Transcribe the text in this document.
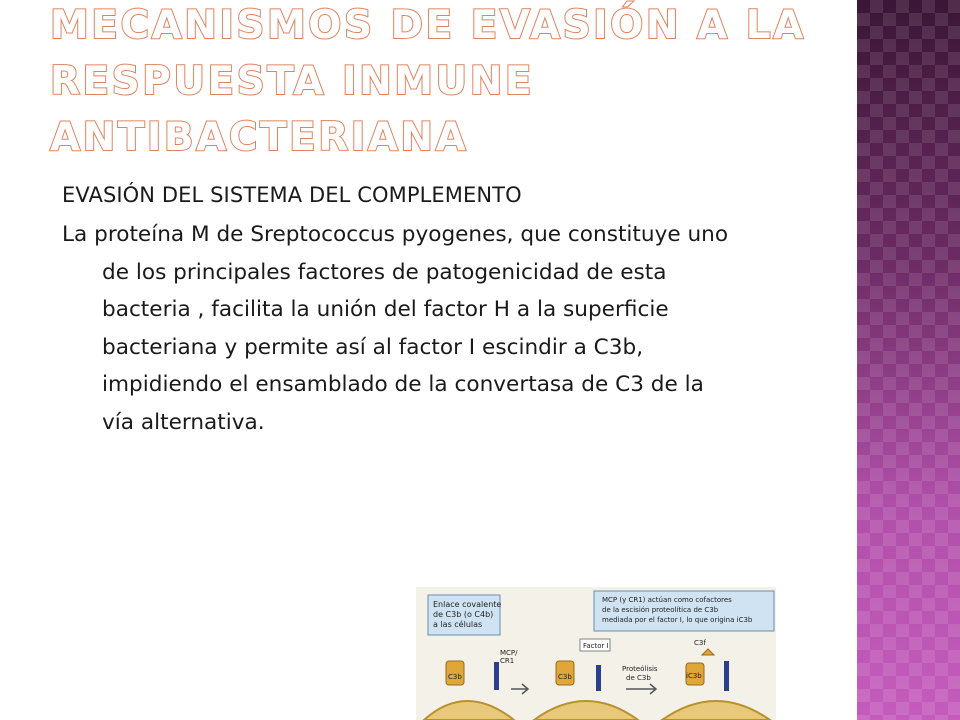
MECANISMOS DE EVASIÓN A LA RESPUESTA INMUNE ANTIBACTERIANA

EVASIÓN DEL SISTEMA DEL COMPLEMENTO

La proteína M de Sreptococcus pyogenes, que constituye uno de los principales factores de patogenicidad de esta bacteria , facilita la unión del factor H a la superficie bacteriana y permite así al factor I escindir a C3b, impidiendo el ensamblado de la convertasa de C3 de la vía alternativa.

Enlace covalente
de C3b (o C4b)
a las células
MCP (y CR1) actúan como cofactores
de la escisión proteolítica de C3b
mediada por el factor I, lo que origina iC3b
C3b
MCP/
CR1
C3b
Factor I
Proteólisis
de C3b
C3f
iC3b
